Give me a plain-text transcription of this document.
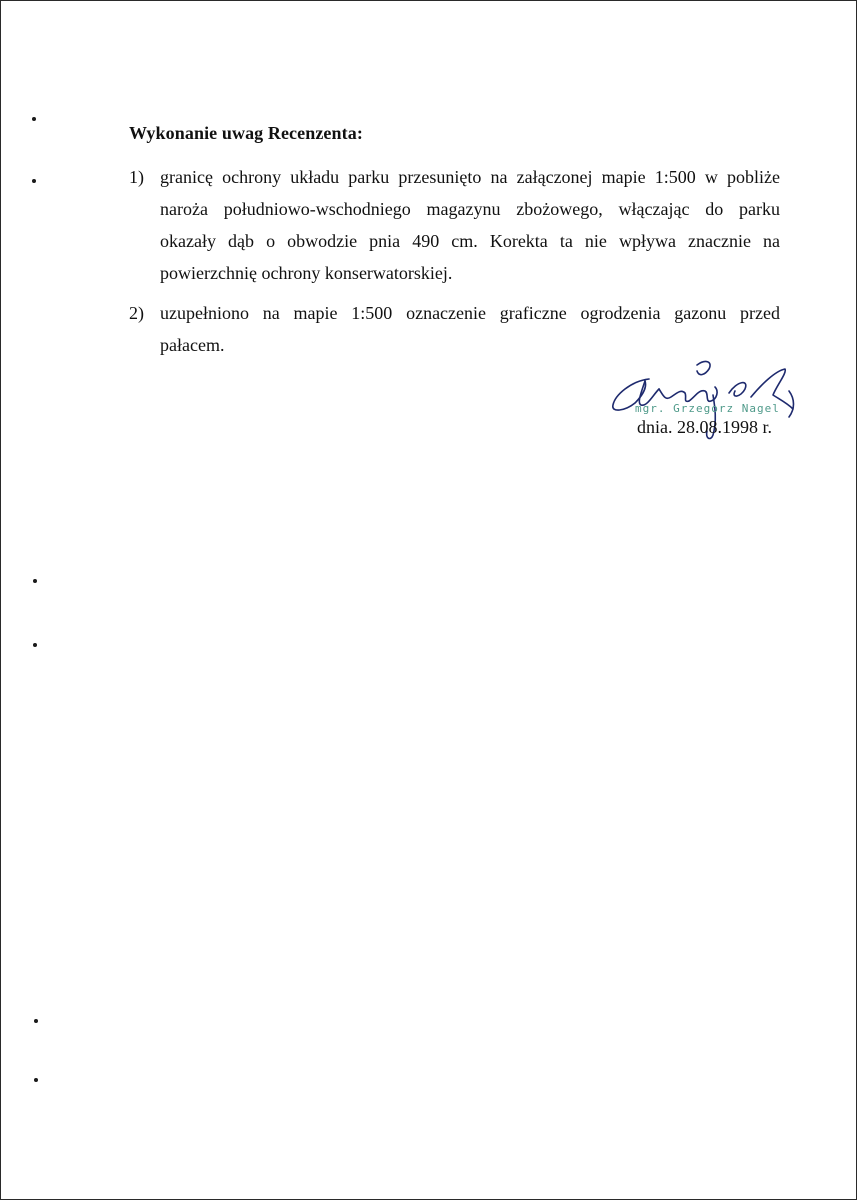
Wykonanie uwag Recenzenta:
1) granicę ochrony układu parku przesunięto na załączonej mapie 1:500 w pobliże
naroża południowo-wschodniego magazynu zbożowego, włączając do parku
okazały dąb o obwodzie pnia 490 cm. Korekta ta nie wpływa znacznie na
powierzchnię ochrony konserwatorskiej.
2) uzupełniono na mapie 1:500 oznaczenie graficzne ogrodzenia gazonu przed
pałacem.
mgr. Grzegorz Nagel
dnia. 28.08.1998 r.
